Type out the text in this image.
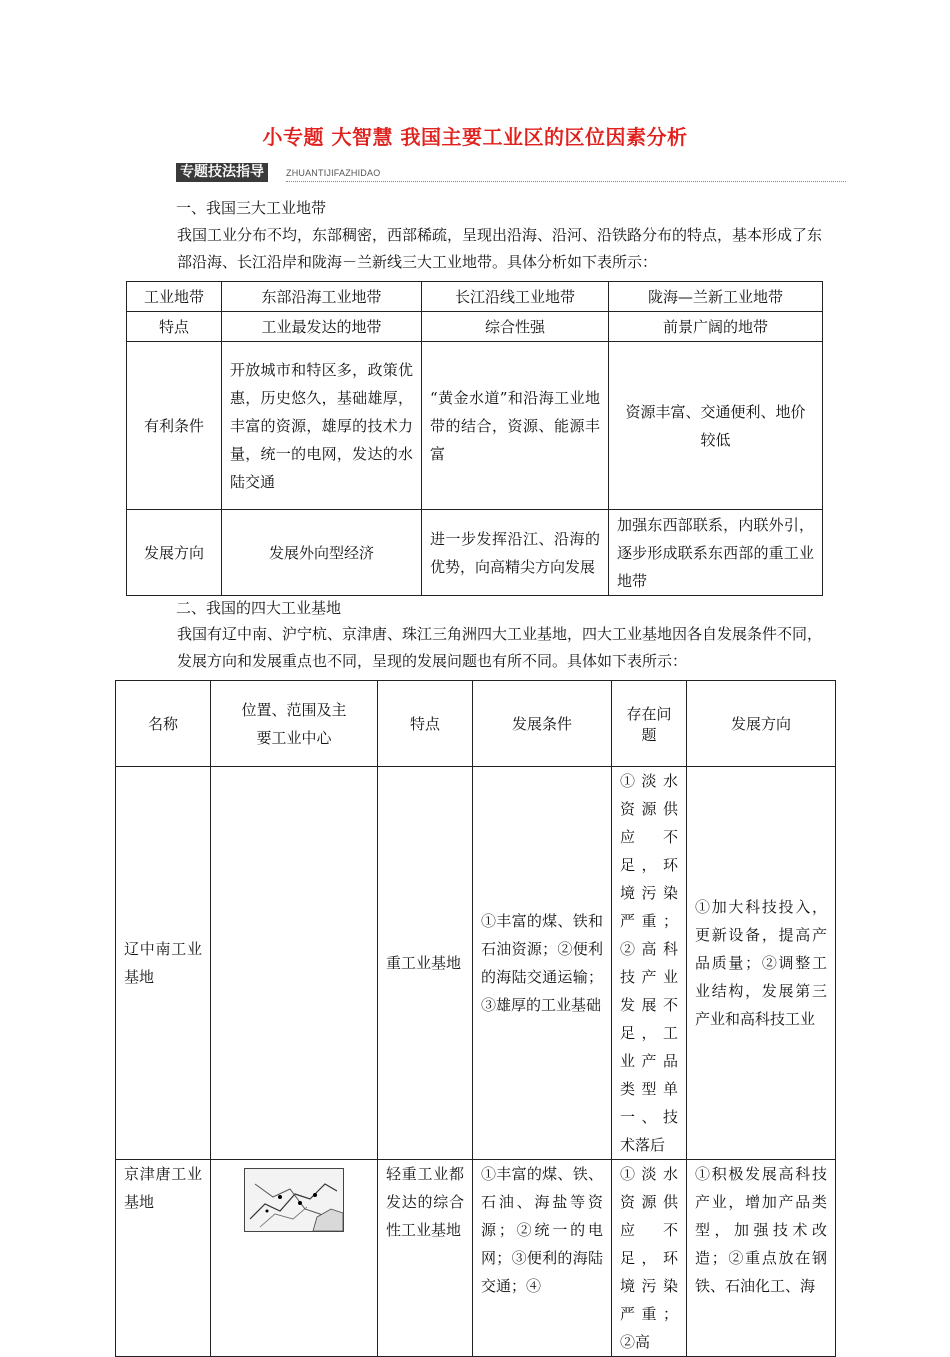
小专题 大智慧 我国主要工业区的区位因素分析
专题技法指导	ZHUANTIJIFAZHIDAO
一、我国三大工业地带
我国工业分布不均，东部稠密，西部稀疏，呈现出沿海、沿河、沿铁路分布的特点，基本形成了东部沿海、长江沿岸和陇海－兰新线三大工业地带。具体分析如下表所示：
工业地带	东部沿海工业地带	长江沿线工业地带	陇海—兰新工业地带
特点	工业最发达的地带	综合性强	前景广阔的地带
有利条件	开放城市和特区多，政策优惠，历史悠久，基础雄厚，丰富的资源，雄厚的技术力量，统一的电网，发达的水陆交通	“黄金水道”和沿海工业地带的结合，资源、能源丰富	资源丰富、交通便利、地价较低
发展方向	发展外向型经济	进一步发挥沿江、沿海的优势，向高精尖方向发展	加强东西部联系，内联外引，逐步形成联系东西部的重工业地带
二、我国的四大工业基地
我国有辽中南、沪宁杭、京津唐、珠江三角洲四大工业基地，四大工业基地因各自发展条件不同，发展方向和发展重点也不同，呈现的发展问题也有所不同。具体如下表所示：
名称	位置、范围及主要工业中心	特点	发展条件	存在问题	发展方向
辽中南工业基地		重工业基地	①丰富的煤、铁和石油资源；②便利的海陆交通运输；③雄厚的工业基础	①淡水资源供应不足，环境污染严重；②高科技产业发展不足，工业产品类型单一、技术落后	①加大科技投入，更新设备，提高产品质量；②调整工业结构，发展第三产业和高科技工业
京津唐工业基地		轻重工业都发达的综合性工业基地	①丰富的煤、铁、石油、海盐等资源；②统一的电网；③便利的海陆交通；④	①淡水资源供应不足，环境污染严重；②高	①积极发展高科技产业，增加产品类型，加强技术改造；②重点放在钢铁、石油化工、海
